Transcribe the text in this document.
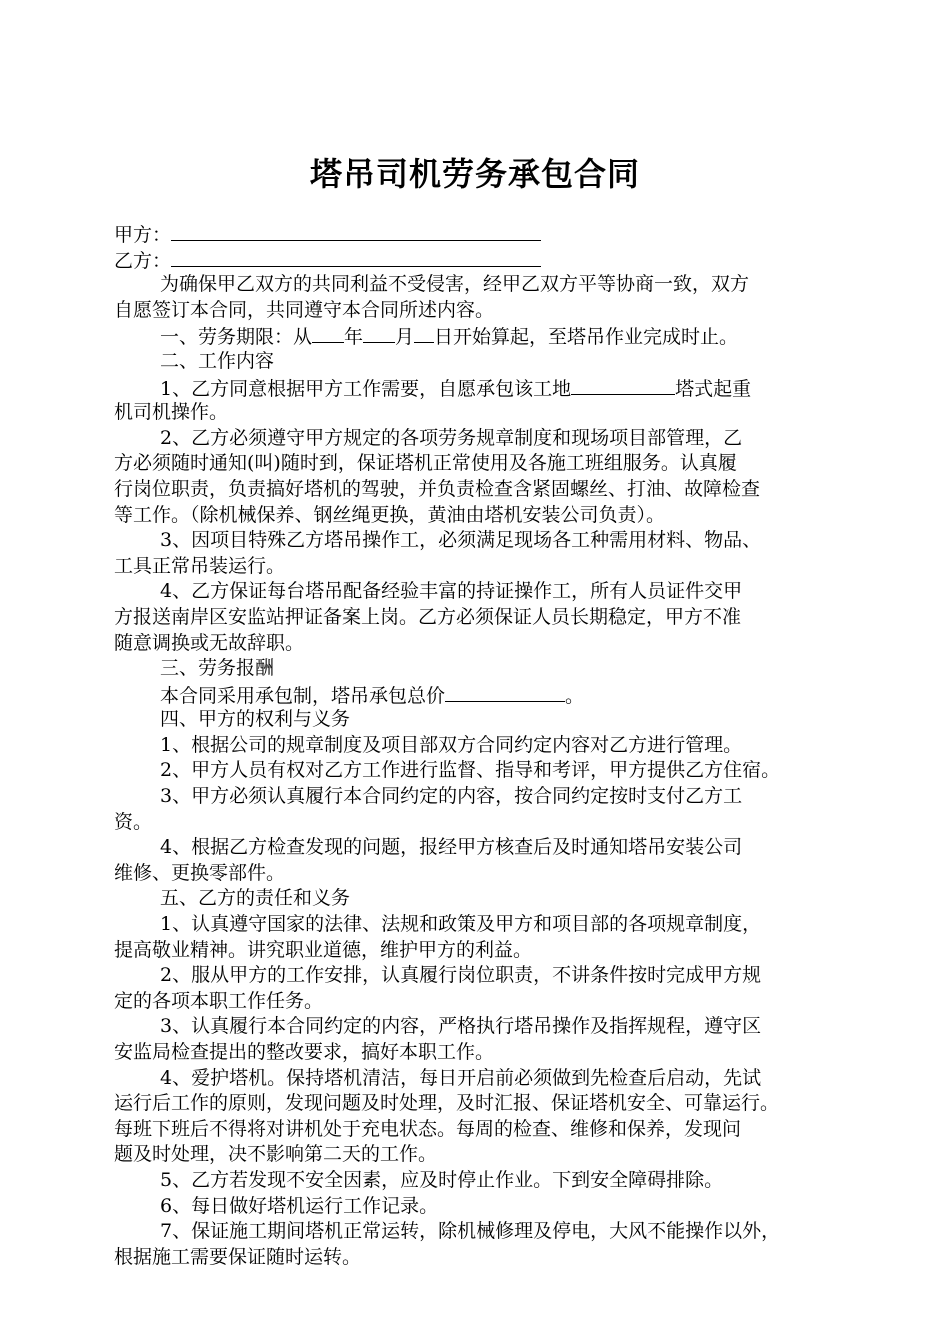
塔吊司机劳务承包合同
甲方：
乙方：
为确保甲乙双方的共同利益不受侵害，经甲乙双方平等协商一致，双方
自愿签订本合同，共同遵守本合同所述内容。
一、劳务期限：从 年 月 日开始算起，至塔吊作业完成时止。
二、工作内容
1、乙方同意根据甲方工作需要，自愿承包该工地	塔式起重
机司机操作。
2、乙方必须遵守甲方规定的各项劳务规章制度和现场项目部管理，乙
方必须随时通知(叫)随时到，保证塔机正常使用及各施工班组服务。认真履
行岗位职责，负责搞好塔机的驾驶，并负责检查含紧固螺丝、打油、故障检查
等工作。（除机械保养、钢丝绳更换，黄油由塔机安装公司负责）。
3、因项目特殊乙方塔吊操作工，必须满足现场各工种需用材料、物品、
工具正常吊装运行。
4、乙方保证每台塔吊配备经验丰富的持证操作工，所有人员证件交甲
方报送南岸区安监站押证备案上岗。乙方必须保证人员长期稳定，甲方不准
随意调换或无故辞职。
三、劳务报酬
本合同采用承包制，塔吊承包总价	。
四、甲方的权利与义务
1、根据公司的规章制度及项目部双方合同约定内容对乙方进行管理。
2、甲方人员有权对乙方工作进行监督、指导和考评，甲方提供乙方住宿。
3、甲方必须认真履行本合同约定的内容，按合同约定按时支付乙方工
资。
4、根据乙方检查发现的问题，报经甲方核查后及时通知塔吊安装公司
维修、更换零部件。
五、乙方的责任和义务
1、认真遵守国家的法律、法规和政策及甲方和项目部的各项规章制度，
提高敬业精神。讲究职业道德，维护甲方的利益。
2、服从甲方的工作安排，认真履行岗位职责，不讲条件按时完成甲方规
定的各项本职工作任务。
3、认真履行本合同约定的内容，严格执行塔吊操作及指挥规程，遵守区
安监局检查提出的整改要求，搞好本职工作。
4、爱护塔机。保持塔机清洁，每日开启前必须做到先检查后启动，先试
运行后工作的原则，发现问题及时处理，及时汇报、保证塔机安全、可靠运行。
每班下班后不得将对讲机处于充电状态。每周的检查、维修和保养，发现问
题及时处理，决不影响第二天的工作。
5、乙方若发现不安全因素，应及时停止作业。下到安全障碍排除。
6、每日做好塔机运行工作记录。
7、保证施工期间塔机正常运转，除机械修理及停电，大风不能操作以外，
根据施工需要保证随时运转。
